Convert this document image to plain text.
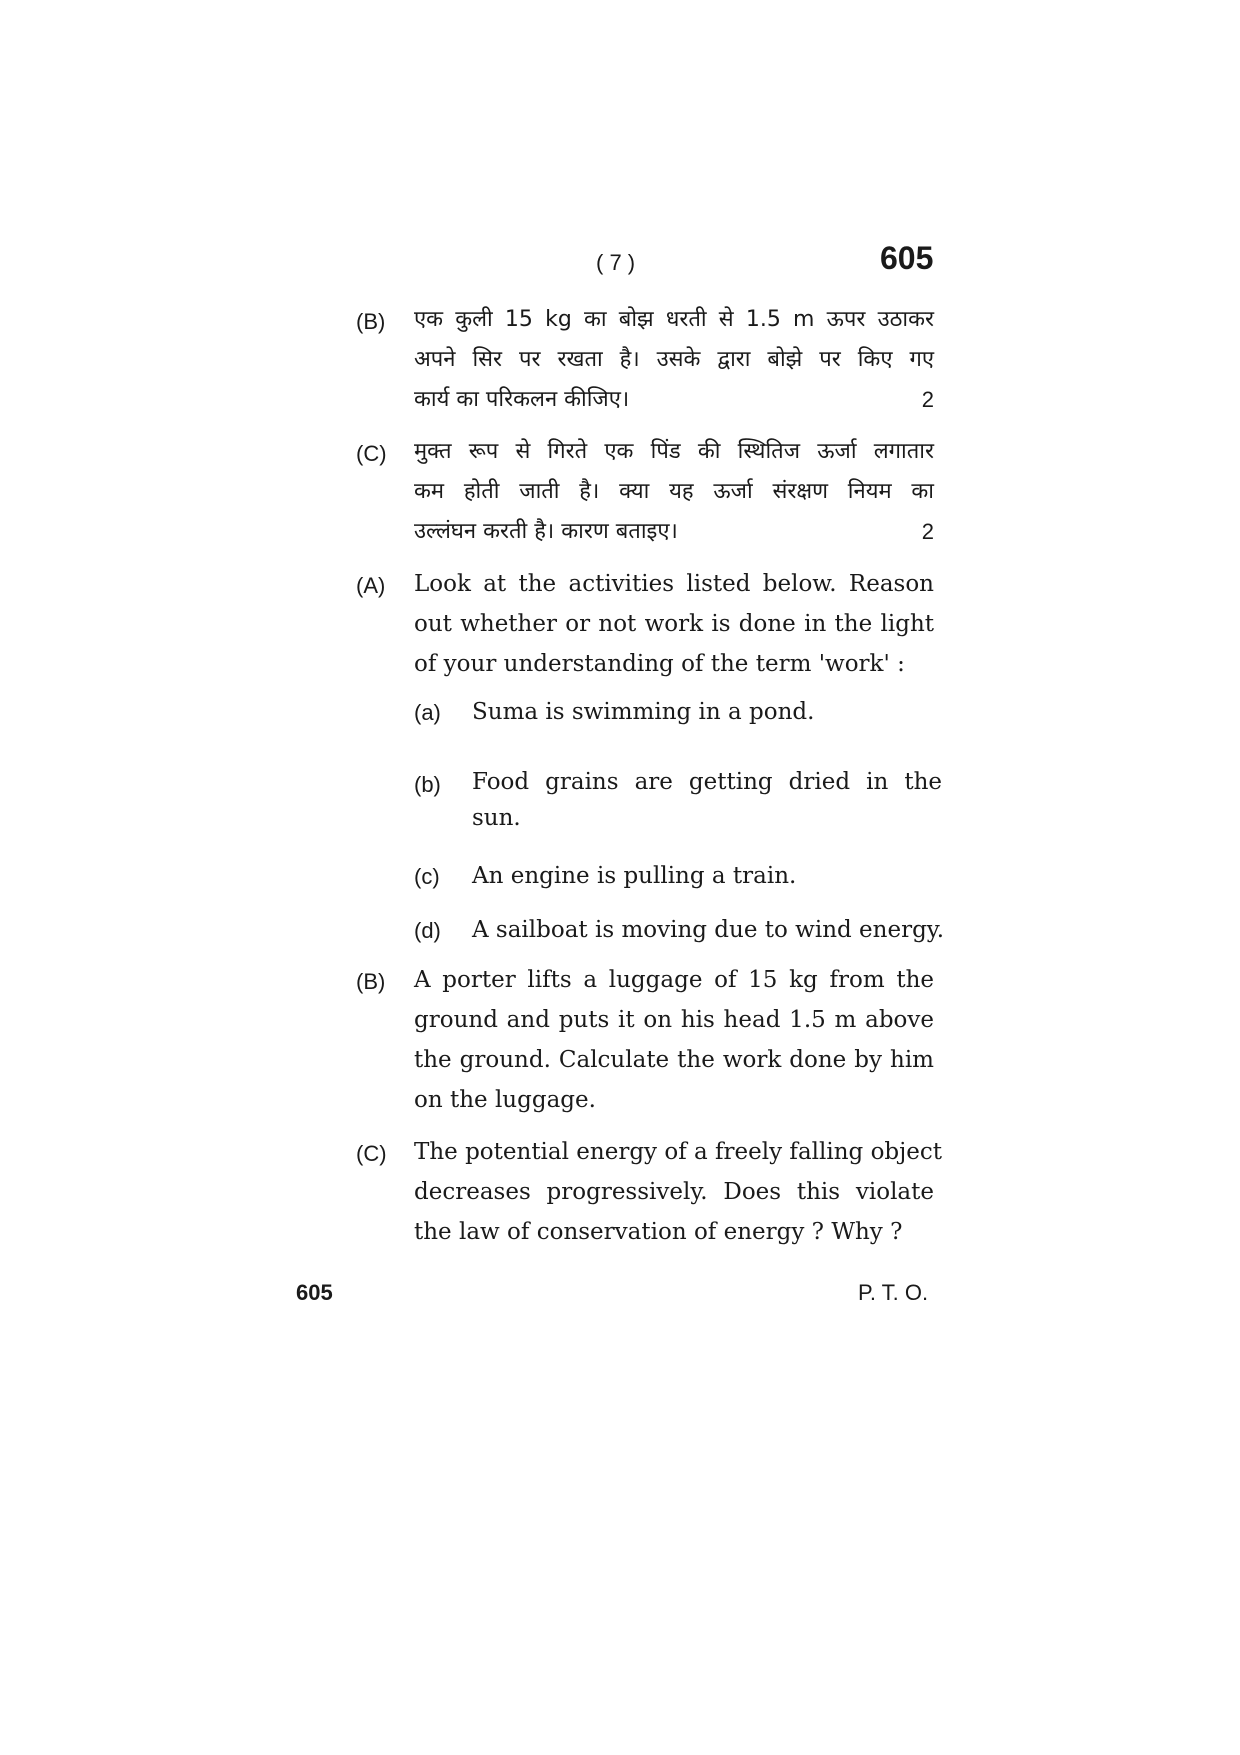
( 7 )	605
(B) एक कुली 15 kg का बोझ धरती से 1.5 m ऊपर उठाकर
अपने सिर पर रखता है। उसके द्वारा बोझे पर किए गए
कार्य का परिकलन कीजिए।	2
(C) मुक्त रूप से गिरते एक पिंड की स्थितिज ऊर्जा लगातार
कम होती जाती है। क्या यह ऊर्जा संरक्षण नियम का
उल्लंघन करती है। कारण बताइए।	2
(A) Look at the activities listed below. Reason
out whether or not work is done in the light
of your understanding of the term 'work' :
(a) Suma is swimming in a pond.
(b) Food grains are getting dried in the
sun.
(c) An engine is pulling a train.
(d) A sailboat is moving due to wind energy.
(B) A porter lifts a luggage of 15 kg from the
ground and puts it on his head 1.5 m above
the ground. Calculate the work done by him
on the luggage.
(C) The potential energy of a freely falling object
decreases progressively. Does this violate
the law of conservation of energy ? Why ?
605	P. T. O.
